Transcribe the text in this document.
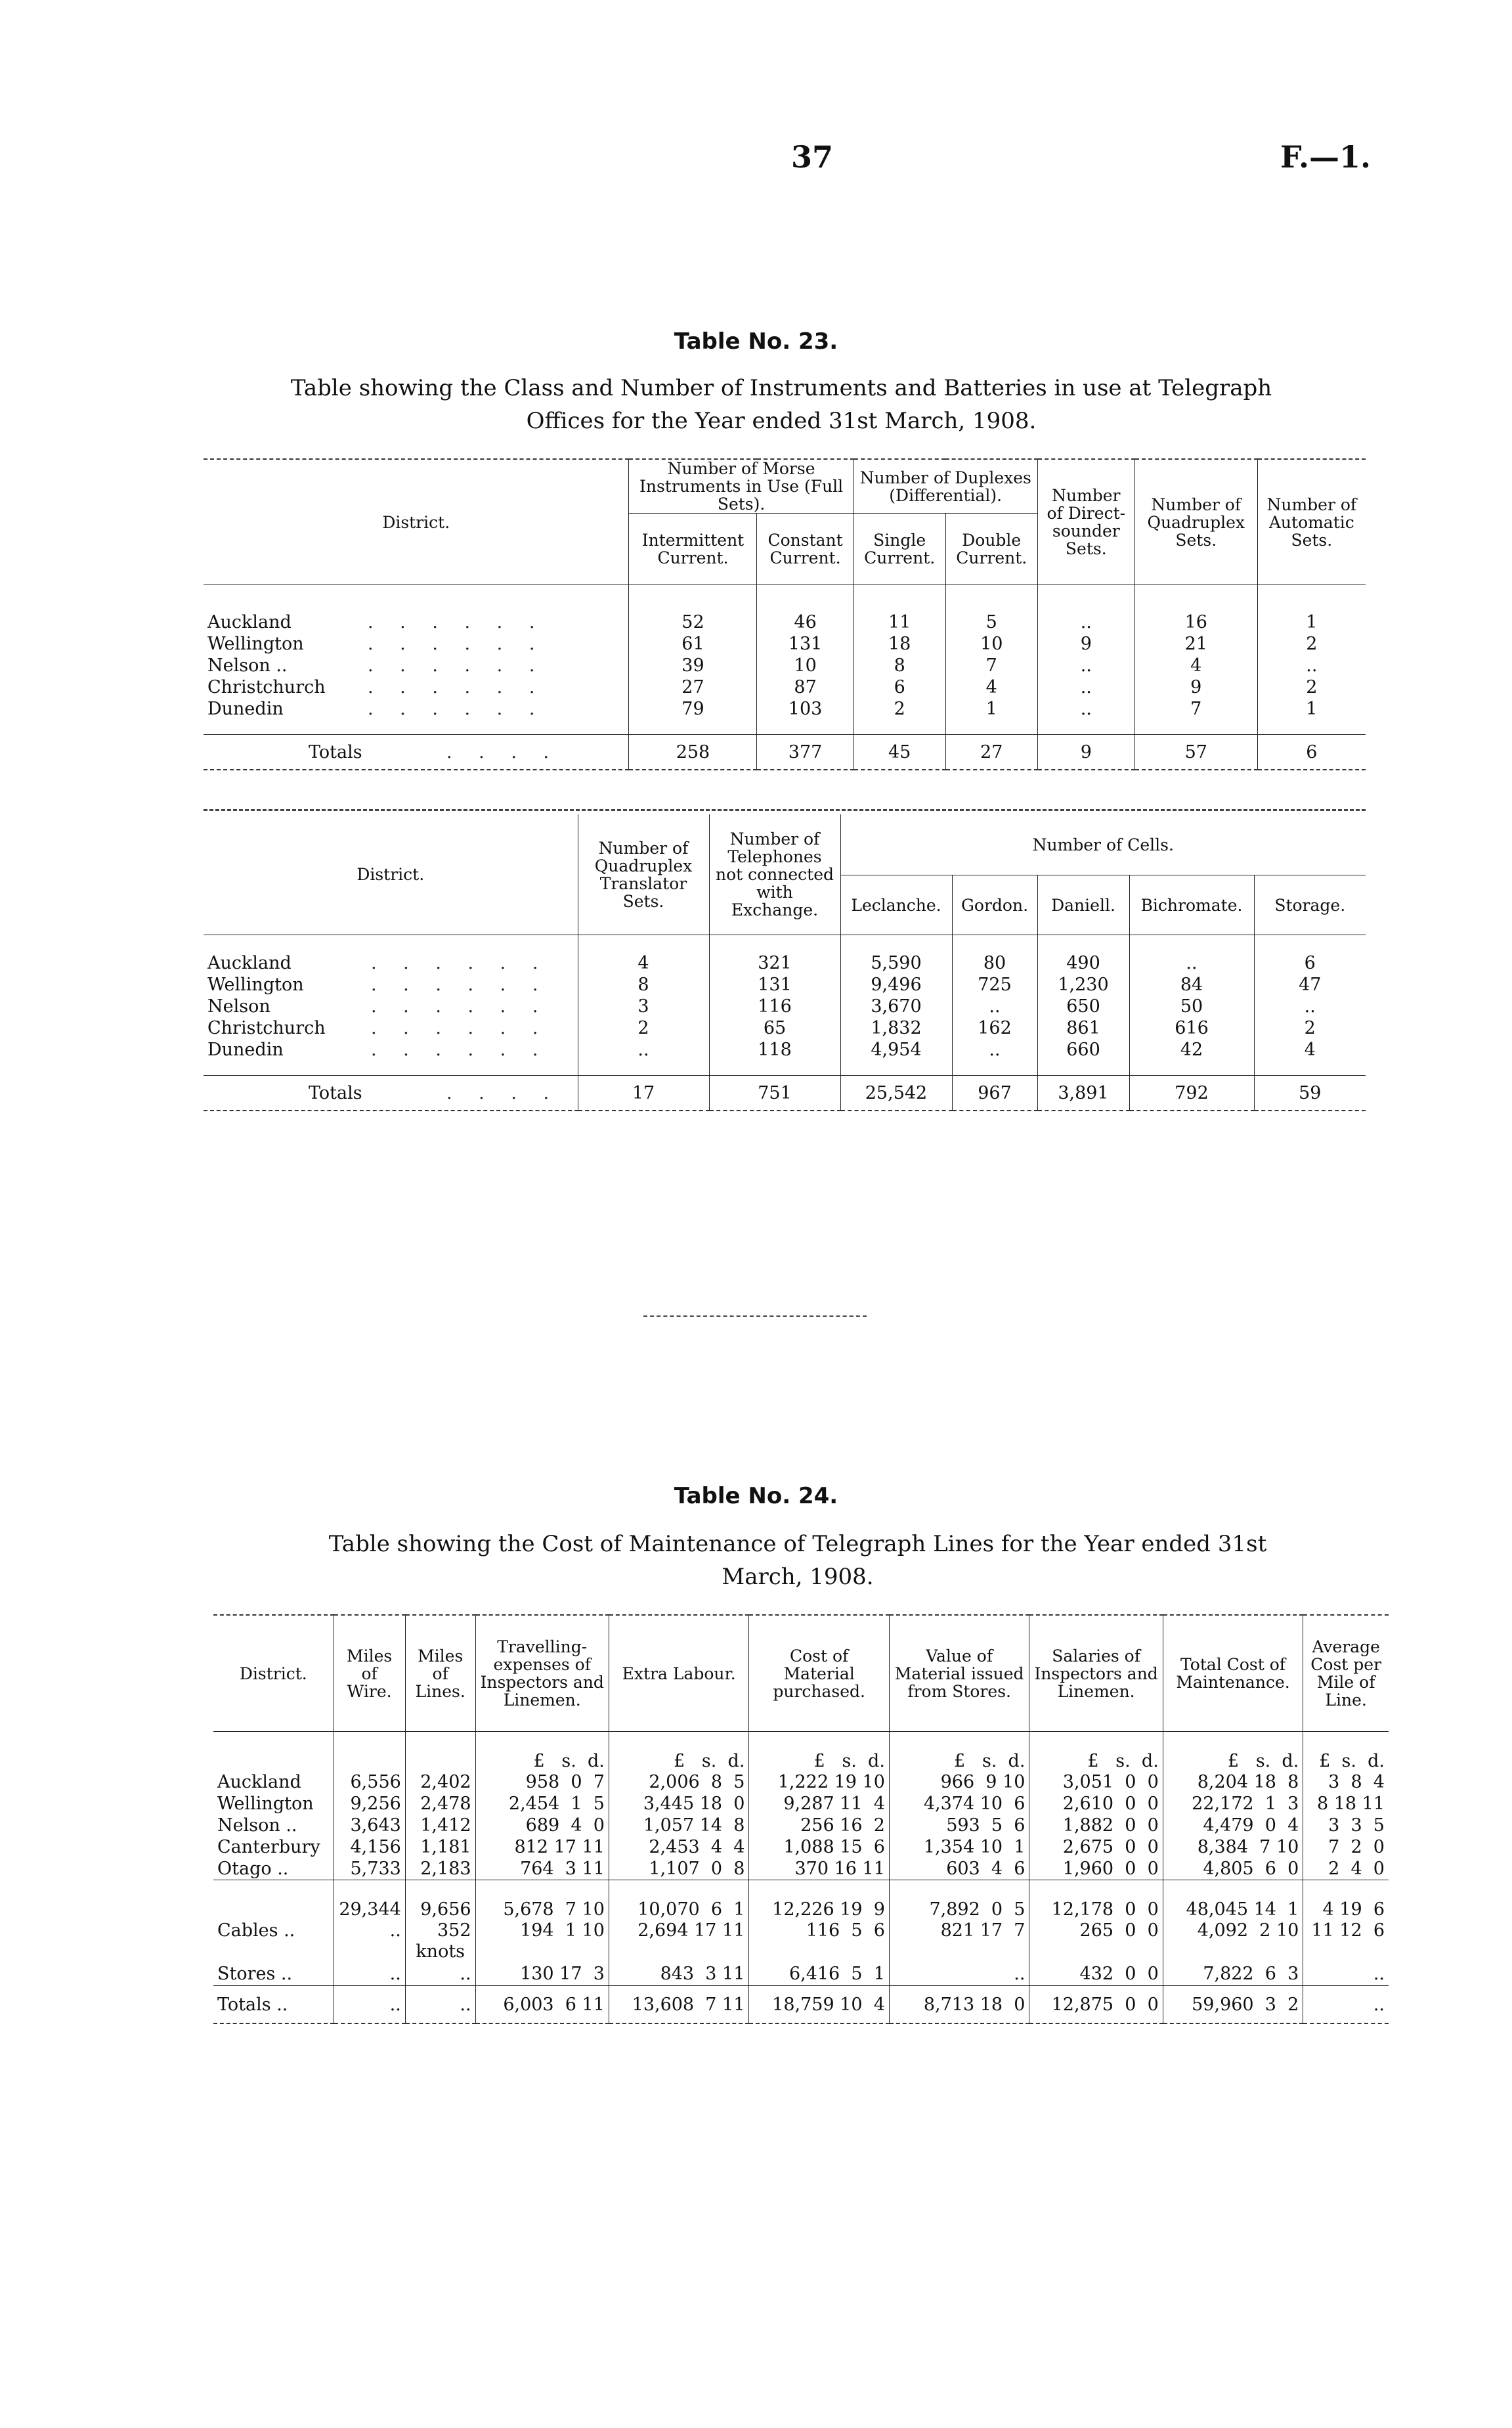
37	F.—1.
Table No. 23.
Table showing the Class and Number of Instruments and Batteries in use at Telegraph
Offices for the Year ended 31st March, 1908.
District.	Number of Morse Instruments in Use (Full Sets).		Number of Duplexes (Differential).		Number of Direct-sounder Sets.	Number of Quadruplex Sets.	Number of Automatic Sets.
	Intermittent Current.	Constant Current.	Single Current.	Double Current.			

Auckland . . . . . .	52	46	11	5	..	16	1
Wellington . . . . . .	61	131	18	10	9	21	2
Nelson .. . . . . . .	39	10	8	7	..	4	..
Christchurch . . . . . .	27	87	6	4	..	9	2
Dunedin . . . . . .	79	103	2	1	..	7	1

Totals . . . .	258	377	45	27	9	57	6
District.	Number of Quadruplex Translator Sets.	Number of Telephones not connected with Exchange.	Number of Cells.				
			Leclanche.	Gordon.	Daniell.	Bichromate.	Storage.

Auckland . . . . . .	4	321	5,590	80	490	..	6
Wellington . . . . . .	8	131	9,496	725	1,230	84	47
Nelson . . . . . .	3	116	3,670	..	650	50	..
Christchurch . . . . . .	2	65	1,832	162	861	616	2
Dunedin . . . . . .	..	118	4,954	..	660	42	4

Totals . . . .	17	751	25,542	967	3,891	792	59
Table No. 24.
Table showing the Cost of Maintenance of Telegraph Lines for the Year ended 31st
March, 1908.
District.	Miles of Wire.	Miles of Lines.	Travelling-expenses of Inspectors and Linemen.	Extra Labour.	Cost of Material purchased.	Value of Material issued from Stores.	Salaries of Inspectors and Linemen.	Total Cost of Maintenance.	Average Cost per Mile of Line.
			£   s.  d.	£   s.  d.	£   s.  d.	£   s.  d.	£   s.  d.	£   s.  d.	£  s.  d.
Auckland	6,556	2,402	958  0  7	2,006  8  5	1,222 19 10	966  9 10	3,051  0  0	8,204 18  8	3  8  4
Wellington	9,256	2,478	2,454  1  5	3,445 18  0	9,287 11  4	4,374 10  6	2,610  0  0	22,172  1  3	8 18 11
Nelson ..	3,643	1,412	689  4  0	1,057 14  8	256 16  2	593  5  6	1,882  0  0	4,479  0  4	3  3  5
Canterbury	4,156	1,181	812 17 11	2,453  4  4	1,088 15  6	1,354 10  1	2,675  0  0	8,384  7 10	7  2  0
Otago ..	5,733	2,183	764  3 11	1,107  0  8	370 16 11	603  4  6	1,960  0  0	4,805  6  0	2  4  0
	29,344	9,656	5,678  7 10	10,070  6  1	12,226 19  9	7,892  0  5	12,178  0  0	48,045 14  1	4 19  6
Cables ..	..	352	194  1 10	2,694 17 11	116  5  6	821 17  7	265  0  0	4,092  2 10	11 12  6
		knots							
Stores ..	..	..	130 17  3	843  3 11	6,416  5  1	..	432  0  0	7,822  6  3	..
Totals ..	..	..	6,003  6 11	13,608  7 11	18,759 10  4	8,713 18  0	12,875  0  0	59,960  3  2	..
